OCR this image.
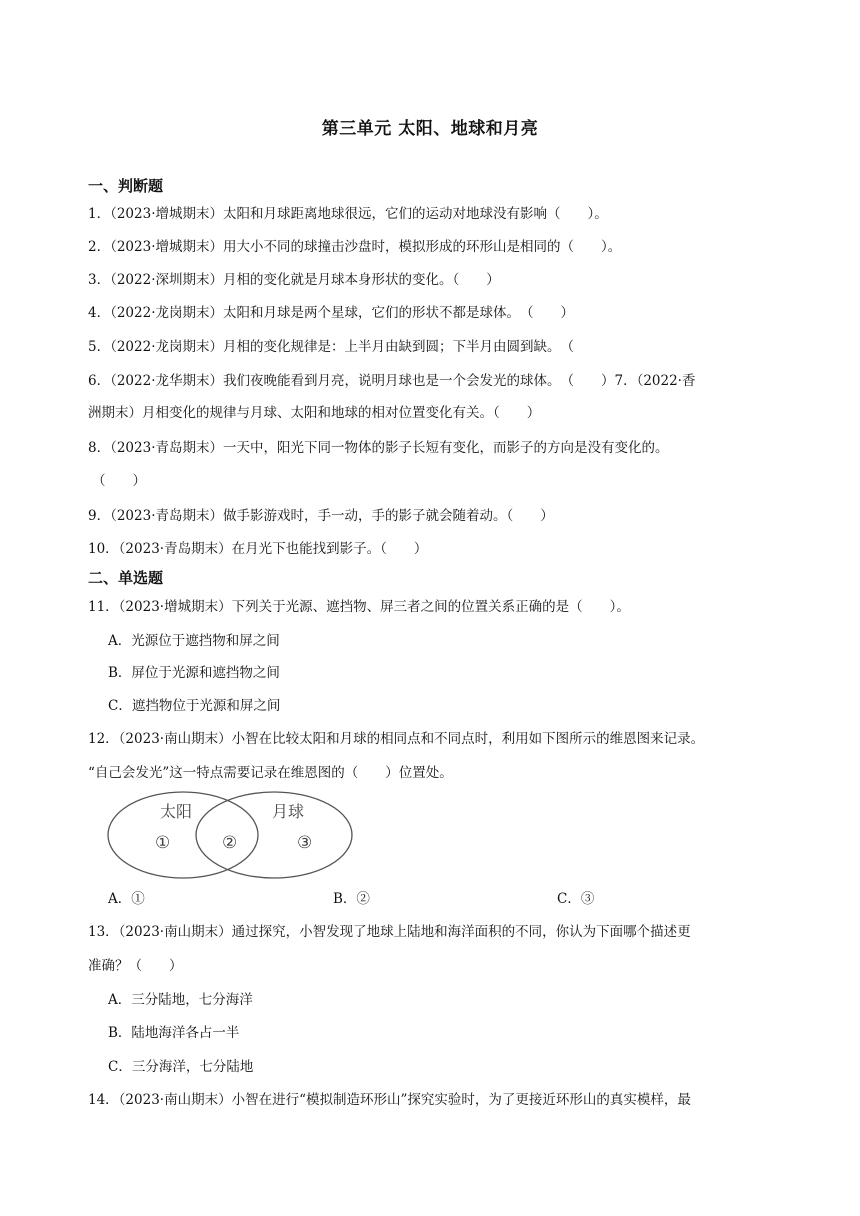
第三单元 太阳、地球和月亮
一、判断题
1．（2023·增城期末）太阳和月球距离地球很远，它们的运动对地球没有影响（　　）。
2．（2023·增城期末）用大小不同的球撞击沙盘时，模拟形成的环形山是相同的（　　）。
3．（2022·深圳期末）月相的变化就是月球本身形状的变化。（　　）
4．（2022·龙岗期末）太阳和月球是两个星球，它们的形状不都是球体。　（　　）
5．（2022·龙岗期末）月相的变化规律是：上半月由缺到圆；下半月由圆到缺。　（
6．（2022·龙华期末）我们夜晚能看到月亮，说明月球也是一个会发光的球体。　（　　）7．（2022·香
洲期末）月相变化的规律与月球、太阳和地球的相对位置变化有关。（　　）
8．（2023·青岛期末）一天中，阳光下同一物体的影子长短有变化，而影子的方向是没有变化的。
（　　）
9．（2023·青岛期末）做手影游戏时，手一动，手的影子就会随着动。（　　）
10．（2023·青岛期末）在月光下也能找到影子。（　　）
二、单选题
11．（2023·增城期末）下列关于光源、遮挡物、屏三者之间的位置关系正确的是（　　）。
A．光源位于遮挡物和屏之间
B．屏位于光源和遮挡物之间
C．遮挡物位于光源和屏之间
12．（2023·南山期末）小智在比较太阳和月球的相同点和不同点时，利用如下图所示的维恩图来记录。
“自己会发光”这一特点需要记录在维恩图的（　　）位置处。
太阳	月球
①	②	③
A．①	B．②	C．③
13．（2023·南山期末）通过探究，小智发现了地球上陆地和海洋面积的不同，你认为下面哪个描述更
准确？（　　）
A．三分陆地，七分海洋
B．陆地海洋各占一半
C．三分海洋，七分陆地
14．（2023·南山期末）小智在进行“模拟制造环形山”探究实验时，为了更接近环形山的真实模样，最
